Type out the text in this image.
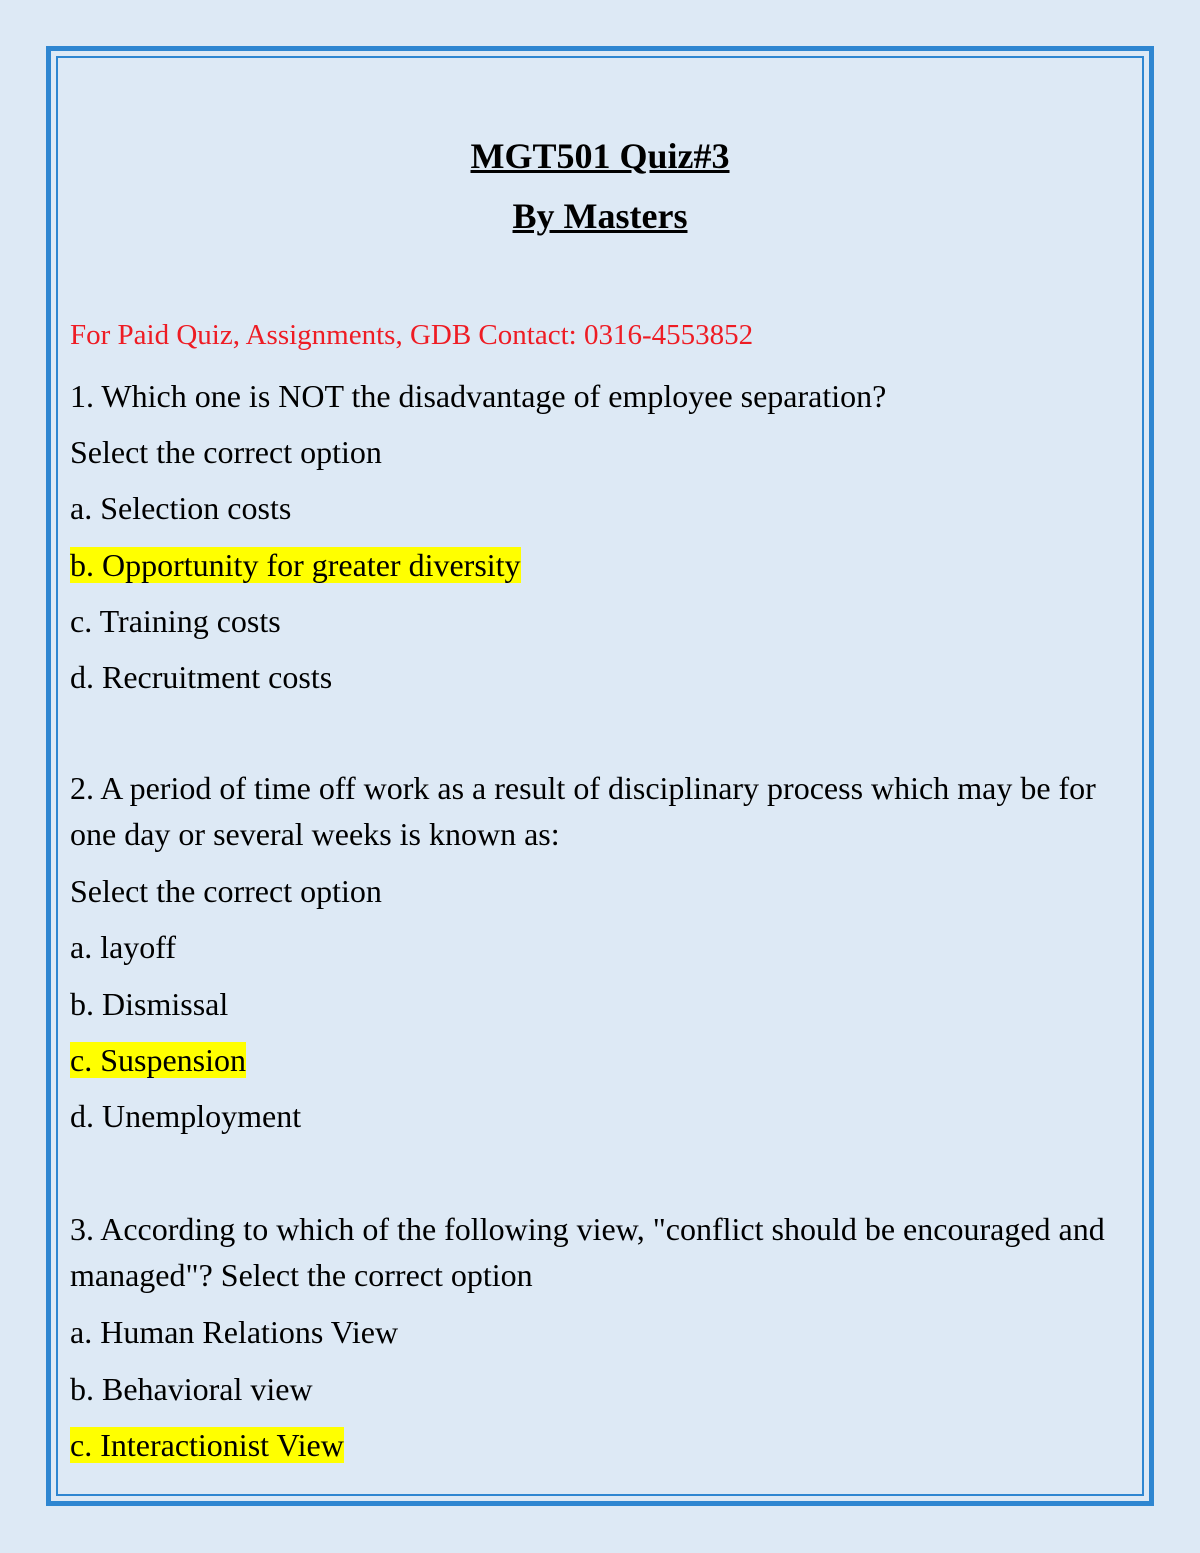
MGT501 Quiz#3
By Masters
For Paid Quiz, Assignments, GDB Contact: 0316-4553852
1. Which one is NOT the disadvantage of employee separation?
Select the correct option
a. Selection costs
b. Opportunity for greater diversity
c. Training costs
d. Recruitment costs
2. A period of time off work as a result of disciplinary process which may be for one day or several weeks is known as:
Select the correct option
a. layoff
b. Dismissal
c. Suspension
d. Unemployment
3. According to which of the following view, "conflict should be encouraged and managed"? Select the correct option
a. Human Relations View
b. Behavioral view
c. Interactionist View
